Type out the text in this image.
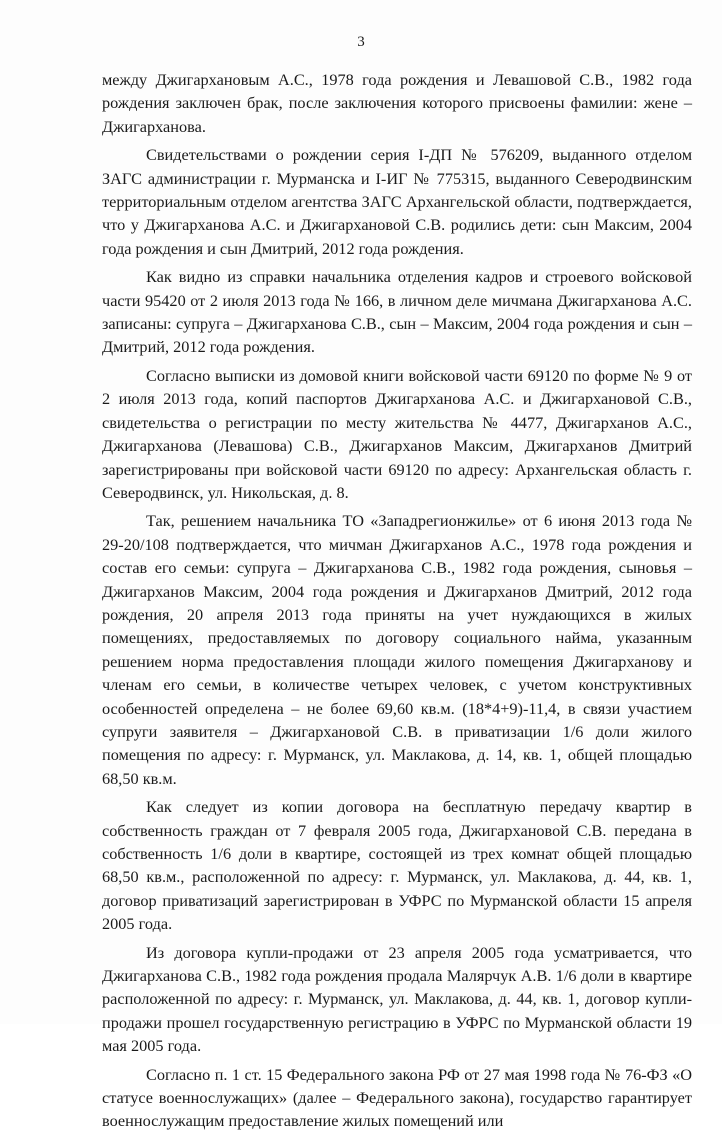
3

между Джигархановым А.С., 1978 года рождения и Левашовой С.В., 1982 года рождения заключен брак, после заключения которого присвоены фамилии: жене – Джигарханова.

Свидетельствами о рождении серия I-ДП № 576209, выданного отделом ЗАГС администрации г. Мурманска и I-ИГ № 775315, выданного Северодвинским территориальным отделом агентства ЗАГС Архангельской области, подтверждается, что у Джигарханова А.С. и Джигархановой С.В. родились дети: сын Максим, 2004 года рождения и сын Дмитрий, 2012 года рождения.

Как видно из справки начальника отделения кадров и строевого войсковой части 95420 от 2 июля 2013 года № 166, в личном деле мичмана Джигарханова А.С. записаны: супруга – Джигарханова С.В., сын – Максим, 2004 года рождения и сын – Дмитрий, 2012 года рождения.

Согласно выписки из домовой книги войсковой части 69120 по форме № 9 от 2 июля 2013 года, копий паспортов Джигарханова А.С. и Джигархановой С.В., свидетельства о регистрации по месту жительства № 4477, Джигарханов А.С., Джигарханова (Левашова) С.В., Джигарханов Максим, Джигарханов Дмитрий зарегистрированы при войсковой части 69120 по адресу: Архангельская область г. Северодвинск, ул. Никольская, д. 8.

Так, решением начальника ТО «Западрегионжилье» от 6 июня 2013 года № 29-20/108 подтверждается, что мичман Джигарханов А.С., 1978 года рождения и состав его семьи: супруга – Джигарханова С.В., 1982 года рождения, сыновья – Джигарханов Максим, 2004 года рождения и Джигарханов Дмитрий, 2012 года рождения, 20 апреля 2013 года приняты на учет нуждающихся в жилых помещениях, предоставляемых по договору социального найма, указанным решением норма предоставления площади жилого помещения Джигарханову и членам его семьи, в количестве четырех человек, с учетом конструктивных особенностей определена – не более 69,60 кв.м. (18*4+9)-11,4, в связи участием супруги заявителя – Джигархановой С.В. в приватизации 1/6 доли жилого помещения по адресу: г. Мурманск, ул. Маклакова, д. 14, кв. 1, общей площадью 68,50 кв.м.

Как следует из копии договора на бесплатную передачу квартир в собственность граждан от 7 февраля 2005 года, Джигархановой С.В. передана в собственность 1/6 доли в квартире, состоящей из трех комнат общей площадью 68,50 кв.м., расположенной по адресу: г. Мурманск, ул. Маклакова, д. 44, кв. 1, договор приватизаций зарегистрирован в УФРС по Мурманской области 15 апреля 2005 года.

Из договора купли-продажи от 23 апреля 2005 года усматривается, что Джигарханова С.В., 1982 года рождения продала Малярчук А.В. 1/6 доли в квартире расположенной по адресу: г. Мурманск, ул. Маклакова, д. 44, кв. 1, договор купли-продажи прошел государственную регистрацию в УФРС по Мурманской области 19 мая 2005 года.

Согласно п. 1 ст. 15 Федерального закона РФ от 27 мая 1998 года № 76-ФЗ «О статусе военнослужащих» (далее – Федерального закона), государство гарантирует военнослужащим предоставление жилых помещений или
